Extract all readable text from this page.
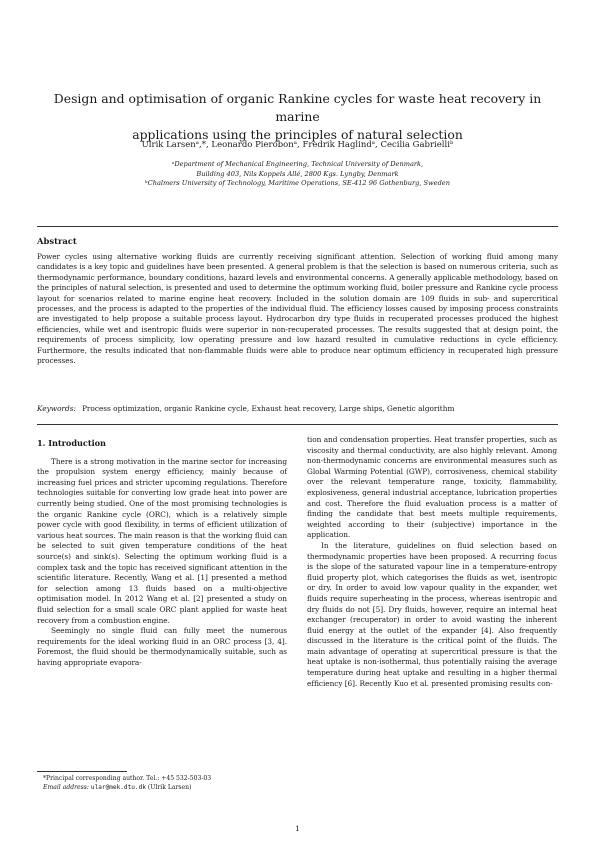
Design and optimisation of organic Rankine cycles for waste heat recovery in marine
applications using the principles of natural selection
Ulrik Larsenᵃ,*, Leonardo Pierobonᵃ, Fredrik Haglindᵃ, Cecilia Gabrielliᵇ
ᵃDepartment of Mechanical Engineering, Technical University of Denmark,
Building 403, Nils Koppels Allé, 2800 Kgs. Lyngby, Denmark
ᵇChalmers University of Technology, Maritime Operations, SE-412 96 Gothenburg, Sweden
Abstract
Power cycles using alternative working fluids are currently receiving significant attention. Selection of working fluid among many candidates is a key topic and guidelines have been presented. A general problem is that the selection is based on numerous criteria, such as thermodynamic performance, boundary conditions, hazard levels and environmental concerns. A generally applicable methodology, based on the principles of natural selection, is presented and used to determine the optimum working fluid, boiler pressure and Rankine cycle process layout for scenarios related to marine engine heat recovery. Included in the solution domain are 109 fluids in sub- and supercritical processes, and the process is adapted to the properties of the individual fluid. The efficiency losses caused by imposing process constraints are investigated to help propose a suitable process layout. Hydrocarbon dry type fluids in recuperated processes produced the highest efficiencies, while wet and isentropic fluids were superior in non-recuperated processes. The results suggested that at design point, the requirements of process simplicity, low operating pressure and low hazard resulted in cumulative reductions in cycle efficiency. Furthermore, the results indicated that non-flammable fluids were able to produce near optimum efficiency in recuperated high pressure processes.
Keywords: Process optimization, organic Rankine cycle, Exhaust heat recovery, Large ships, Genetic algorithm
1. Introduction

There is a strong motivation in the marine sector for increasing the propulsion system energy efficiency, mainly because of increasing fuel prices and stricter upcoming regulations. Therefore technologies suitable for converting low grade heat into power are currently being studied. One of the most promising technologies is the organic Rankine cycle (ORC), which is a relatively simple power cycle with good flexibility, in terms of efficient utilization of various heat sources. The main reason is that the working fluid can be selected to suit given temperature conditions of the heat source(s) and sink(s). Selecting the optimum working fluid is a complex task and the topic has received significant attention in the scientific literature. Recently, Wang et al. [1] presented a method for selection among 13 fluids based on a multi-objective optimisation model. In 2012 Wang et al. [2] presented a study on fluid selection for a small scale ORC plant applied for waste heat recovery from a combustion engine.

Seemingly no single fluid can fully meet the numerous requirements for the ideal working fluid in an ORC process [3, 4]. Foremost, the fluid should be thermodynamically suitable, such as having appropriate evapora-

tion and condensation properties. Heat transfer properties, such as viscosity and thermal conductivity, are also highly relevant. Among non-thermodynamic concerns are environmental measures such as Global Warming Potential (GWP), corrosiveness, chemical stability over the relevant temperature range, toxicity, flammability, explosiveness, general industrial acceptance, lubrication properties and cost. Therefore the fluid evaluation process is a matter of finding the candidate that best meets multiple requirements, weighted according to their (subjective) importance in the application.

In the literature, guidelines on fluid selection based on thermodynamic properties have been proposed. A recurring focus is the slope of the saturated vapour line in a temperature-entropy fluid property plot, which categorises the fluids as wet, isentropic or dry. In order to avoid low vapour quality in the expander, wet fluids require superheating in the process, whereas isentropic and dry fluids do not [5]. Dry fluids, however, require an internal heat exchanger (recuperator) in order to avoid wasting the inherent fluid energy at the outlet of the expander [4]. Also frequently discussed in the literature is the critical point of the fluids. The main advantage of operating at supercritical pressure is that the heat uptake is non-isothermal, thus potentially raising the average temperature during heat uptake and resulting in a higher thermal efficiency [6]. Recently Kuo et al. presented promising results con-

*Principal corresponding author. Tel.: +45 532-503-03
Email address: ular@mek.dtu.dk (Ulrik Larsen)
1
